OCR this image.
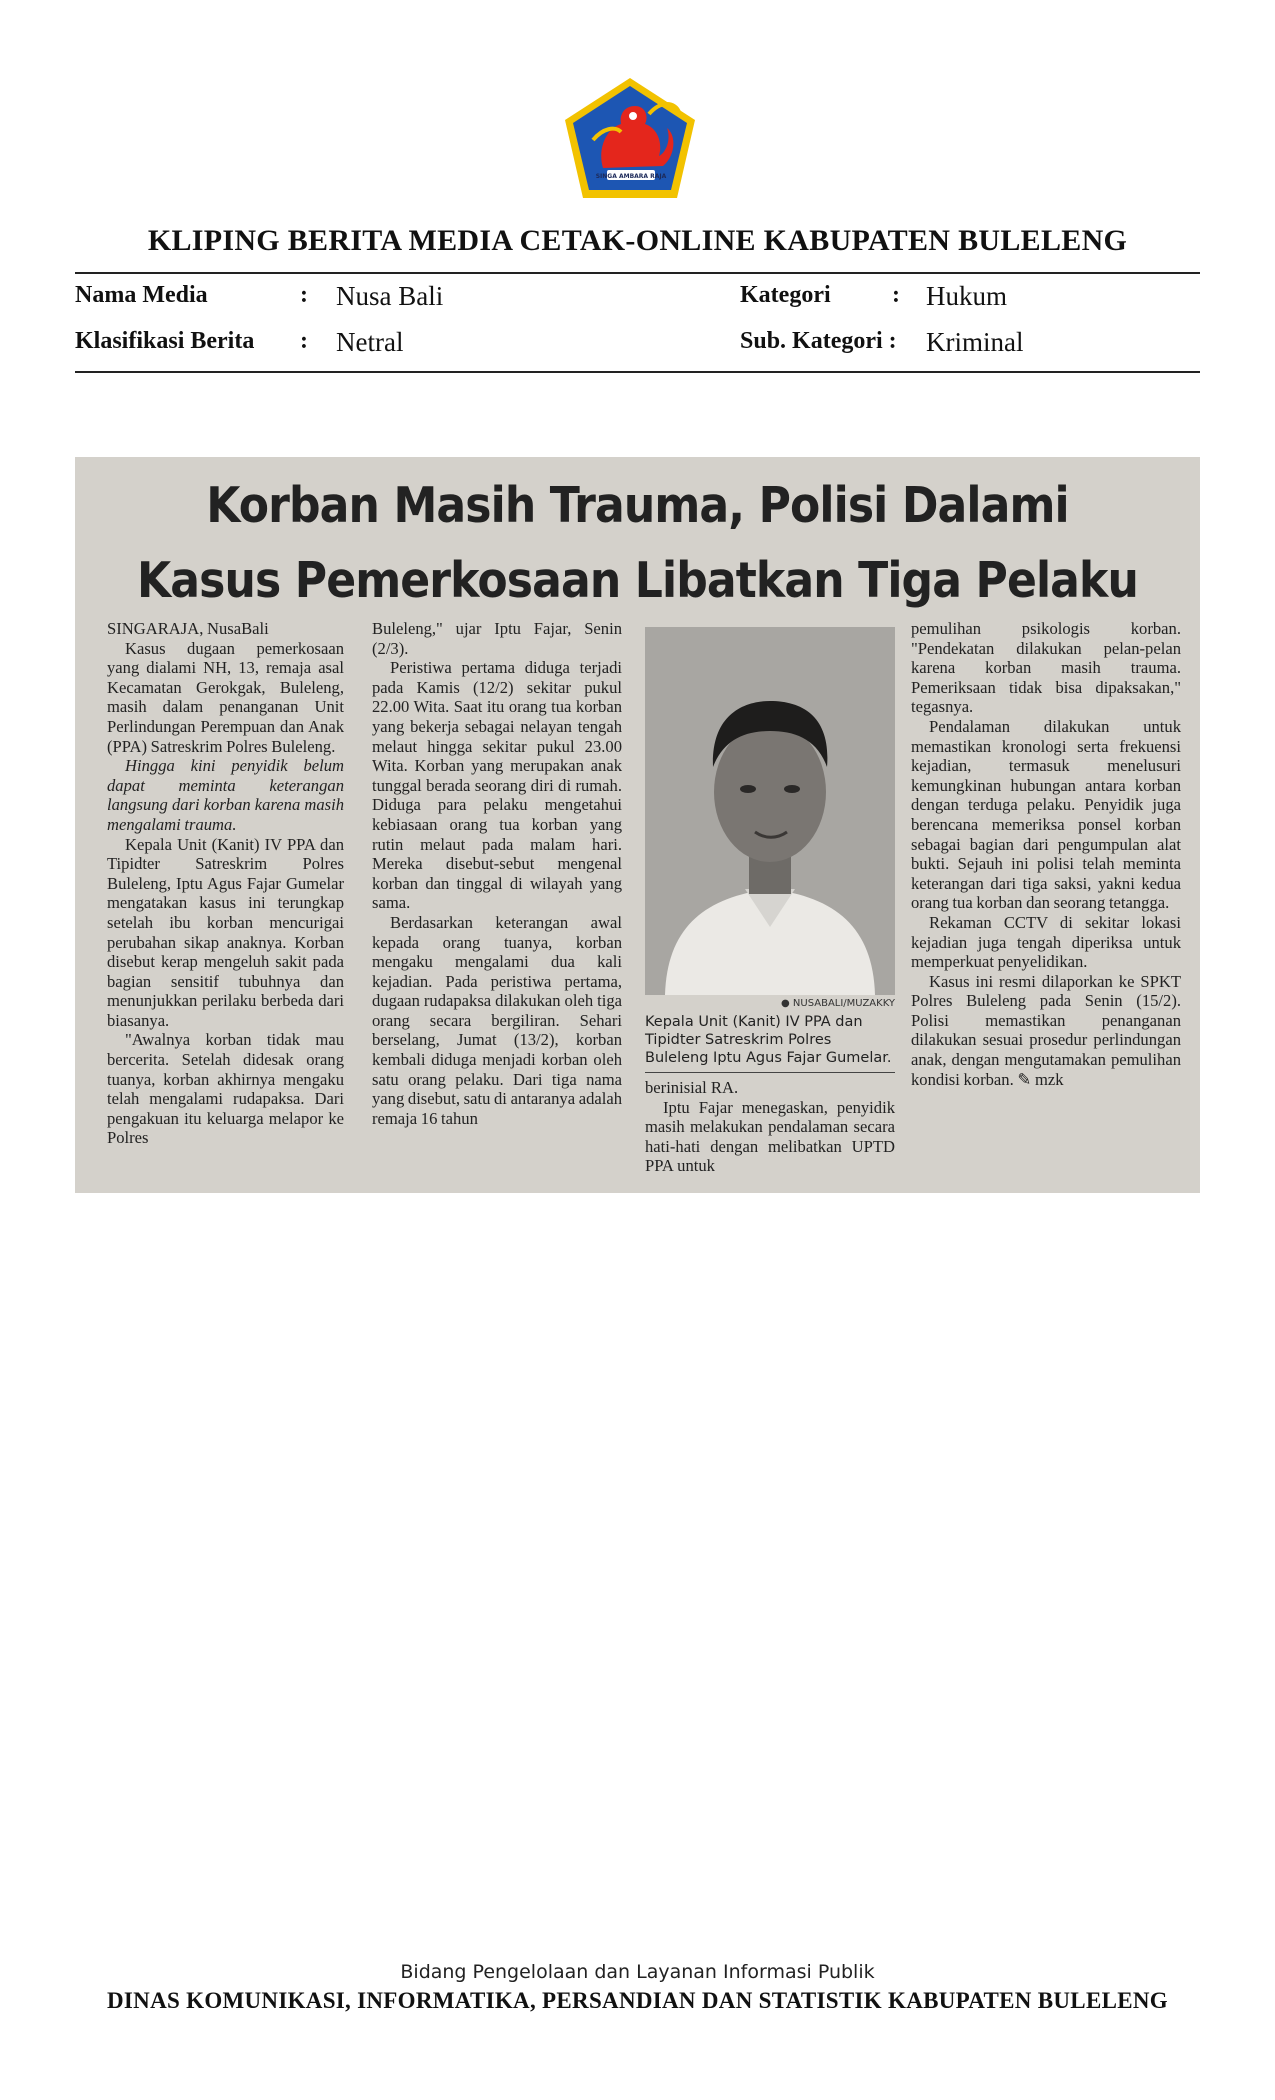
SINGA AMBARA RAJA
KLIPING BERITA MEDIA CETAK-ONLINE KABUPATEN BULELENG
Nama Media	: Nusa Bali
Klasifikasi Berita : Netral
Kategori	: Hukum
Sub. Kategori : Kriminal
Korban Masih Trauma, Polisi Dalami
Kasus Pemerkosaan Libatkan Tiga Pelaku

SINGARAJA, NusaBali

Kasus dugaan pemerkosaan yang dialami NH, 13, remaja asal Kecamatan Gerokgak, Buleleng, masih dalam penanganan Unit Perlindungan Perempuan dan Anak (PPA) Satreskrim Polres Buleleng.

Hingga kini penyidik belum dapat meminta keterangan langsung dari korban karena masih mengalami trauma.

Kepala Unit (Kanit) IV PPA dan Tipidter Satreskrim Polres Buleleng, Iptu Agus Fajar Gumelar mengatakan kasus ini terungkap setelah ibu korban mencurigai perubahan sikap anaknya. Korban disebut kerap mengeluh sakit pada bagian sensitif tubuhnya dan menunjukkan perilaku berbeda dari biasanya.

"Awalnya korban tidak mau bercerita. Setelah didesak orang tuanya, korban akhirnya mengaku telah mengalami rudapaksa. Dari pengakuan itu keluarga melapor ke Polres

Buleleng," ujar Iptu Fajar, Senin (2/3).

Peristiwa pertama diduga terjadi pada Kamis (12/2) sekitar pukul 22.00 Wita. Saat itu orang tua korban yang bekerja sebagai nelayan tengah melaut hingga sekitar pukul 23.00 Wita. Korban yang merupakan anak tunggal berada seorang diri di rumah. Diduga para pelaku mengetahui kebiasaan orang tua korban yang rutin melaut pada malam hari. Mereka disebut-sebut mengenal korban dan tinggal di wilayah yang sama.

Berdasarkan keterangan awal kepada orang tuanya, korban mengaku mengalami dua kali kejadian. Pada peristiwa pertama, dugaan rudapaksa dilakukan oleh tiga orang secara bergiliran. Sehari berselang, Jumat (13/2), korban kembali diduga menjadi korban oleh satu orang pelaku. Dari tiga nama yang disebut, satu di antaranya adalah remaja 16 tahun

● NUSABALI/MUZAKKY
Kepala Unit (Kanit) IV PPA dan Tipidter Satreskrim Polres Buleleng Iptu Agus Fajar Gumelar.

berinisial RA.

Iptu Fajar menegaskan, penyidik masih melakukan pendalaman secara hati-hati dengan melibatkan UPTD PPA untuk

pemulihan psikologis korban. "Pendekatan dilakukan pelan-pelan karena korban masih trauma. Pemeriksaan tidak bisa dipaksakan," tegasnya.

Pendalaman dilakukan untuk memastikan kronologi serta frekuensi kejadian, termasuk menelusuri kemungkinan hubungan antara korban dengan terduga pelaku. Penyidik juga berencana memeriksa ponsel korban sebagai bagian dari pengumpulan alat bukti. Sejauh ini polisi telah meminta keterangan dari tiga saksi, yakni kedua orang tua korban dan seorang tetangga.

Rekaman CCTV di sekitar lokasi kejadian juga tengah diperiksa untuk memperkuat penyelidikan.

Kasus ini resmi dilaporkan ke SPKT Polres Buleleng pada Senin (15/2). Polisi memastikan penanganan dilakukan sesuai prosedur perlindungan anak, dengan mengutamakan pemulihan kondisi korban. ✎ mzk

Bidang Pengelolaan dan Layanan Informasi Publik
DINAS KOMUNIKASI, INFORMATIKA, PERSANDIAN DAN STATISTIK KABUPATEN BULELENG
